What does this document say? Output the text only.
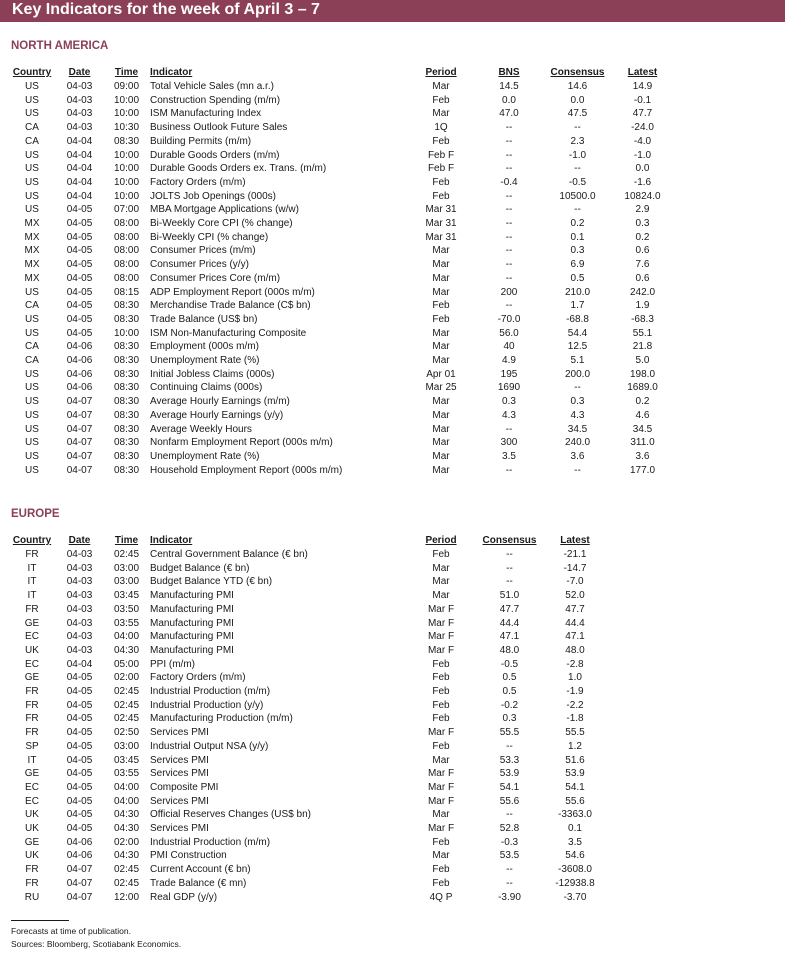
Key Indicators for the week of April 3 – 7
NORTH AMERICA
Country	Date	Time	Indicator	Period	BNS	Consensus	Latest
US	04-03	09:00	Total Vehicle Sales (mn a.r.)	Mar	14.5	14.6	14.9
US	04-03	10:00	Construction Spending (m/m)	Feb	0.0	0.0	-0.1
US	04-03	10:00	ISM Manufacturing Index	Mar	47.0	47.5	47.7
CA	04-03	10:30	Business Outlook Future Sales	1Q	--	--	-24.0
CA	04-04	08:30	Building Permits (m/m)	Feb	--	2.3	-4.0
US	04-04	10:00	Durable Goods Orders (m/m)	Feb F	--	-1.0	-1.0
US	04-04	10:00	Durable Goods Orders ex. Trans. (m/m)	Feb F	--	--	0.0
US	04-04	10:00	Factory Orders (m/m)	Feb	-0.4	-0.5	-1.6
US	04-04	10:00	JOLTS Job Openings (000s)	Feb	--	10500.0	10824.0
US	04-05	07:00	MBA Mortgage Applications (w/w)	Mar 31	--	--	2.9
MX	04-05	08:00	Bi-Weekly Core CPI (% change)	Mar 31	--	0.2	0.3
MX	04-05	08:00	Bi-Weekly CPI (% change)	Mar 31	--	0.1	0.2
MX	04-05	08:00	Consumer Prices (m/m)	Mar	--	0.3	0.6
MX	04-05	08:00	Consumer Prices (y/y)	Mar	--	6.9	7.6
MX	04-05	08:00	Consumer Prices Core (m/m)	Mar	--	0.5	0.6
US	04-05	08:15	ADP Employment Report (000s m/m)	Mar	200	210.0	242.0
CA	04-05	08:30	Merchandise Trade Balance (C$ bn)	Feb	--	1.7	1.9
US	04-05	08:30	Trade Balance (US$ bn)	Feb	-70.0	-68.8	-68.3
US	04-05	10:00	ISM Non-Manufacturing Composite	Mar	56.0	54.4	55.1
CA	04-06	08:30	Employment (000s m/m)	Mar	40	12.5	21.8
CA	04-06	08:30	Unemployment Rate (%)	Mar	4.9	5.1	5.0
US	04-06	08:30	Initial Jobless Claims (000s)	Apr 01	195	200.0	198.0
US	04-06	08:30	Continuing Claims (000s)	Mar 25	1690	--	1689.0
US	04-07	08:30	Average Hourly Earnings (m/m)	Mar	0.3	0.3	0.2
US	04-07	08:30	Average Hourly Earnings (y/y)	Mar	4.3	4.3	4.6
US	04-07	08:30	Average Weekly Hours	Mar	--	34.5	34.5
US	04-07	08:30	Nonfarm Employment Report (000s m/m)	Mar	300	240.0	311.0
US	04-07	08:30	Unemployment Rate (%)	Mar	3.5	3.6	3.6
US	04-07	08:30	Household Employment Report (000s m/m)	Mar	--	--	177.0
EUROPE
Country	Date	Time	Indicator	Period	Consensus	Latest
FR	04-03	02:45	Central Government Balance (€ bn)	Feb	--	-21.1
IT	04-03	03:00	Budget Balance (€ bn)	Mar	--	-14.7
IT	04-03	03:00	Budget Balance YTD (€ bn)	Mar	--	-7.0
IT	04-03	03:45	Manufacturing PMI	Mar	51.0	52.0
FR	04-03	03:50	Manufacturing PMI	Mar F	47.7	47.7
GE	04-03	03:55	Manufacturing PMI	Mar F	44.4	44.4
EC	04-03	04:00	Manufacturing PMI	Mar F	47.1	47.1
UK	04-03	04:30	Manufacturing PMI	Mar F	48.0	48.0
EC	04-04	05:00	PPI (m/m)	Feb	-0.5	-2.8
GE	04-05	02:00	Factory Orders (m/m)	Feb	0.5	1.0
FR	04-05	02:45	Industrial Production (m/m)	Feb	0.5	-1.9
FR	04-05	02:45	Industrial Production (y/y)	Feb	-0.2	-2.2
FR	04-05	02:45	Manufacturing Production (m/m)	Feb	0.3	-1.8
FR	04-05	02:50	Services PMI	Mar F	55.5	55.5
SP	04-05	03:00	Industrial Output NSA (y/y)	Feb	--	1.2
IT	04-05	03:45	Services PMI	Mar	53.3	51.6
GE	04-05	03:55	Services PMI	Mar F	53.9	53.9
EC	04-05	04:00	Composite PMI	Mar F	54.1	54.1
EC	04-05	04:00	Services PMI	Mar F	55.6	55.6
UK	04-05	04:30	Official Reserves Changes (US$ bn)	Mar	--	-3363.0
UK	04-05	04:30	Services PMI	Mar F	52.8	0.1
GE	04-06	02:00	Industrial Production (m/m)	Feb	-0.3	3.5
UK	04-06	04:30	PMI Construction	Mar	53.5	54.6
FR	04-07	02:45	Current Account (€ bn)	Feb	--	-3608.0
FR	04-07	02:45	Trade Balance (€ mn)	Feb	--	-12938.8
RU	04-07	12:00	Real GDP (y/y)	4Q P	-3.90	-3.70
Forecasts at time of publication.
Sources: Bloomberg, Scotiabank Economics.
